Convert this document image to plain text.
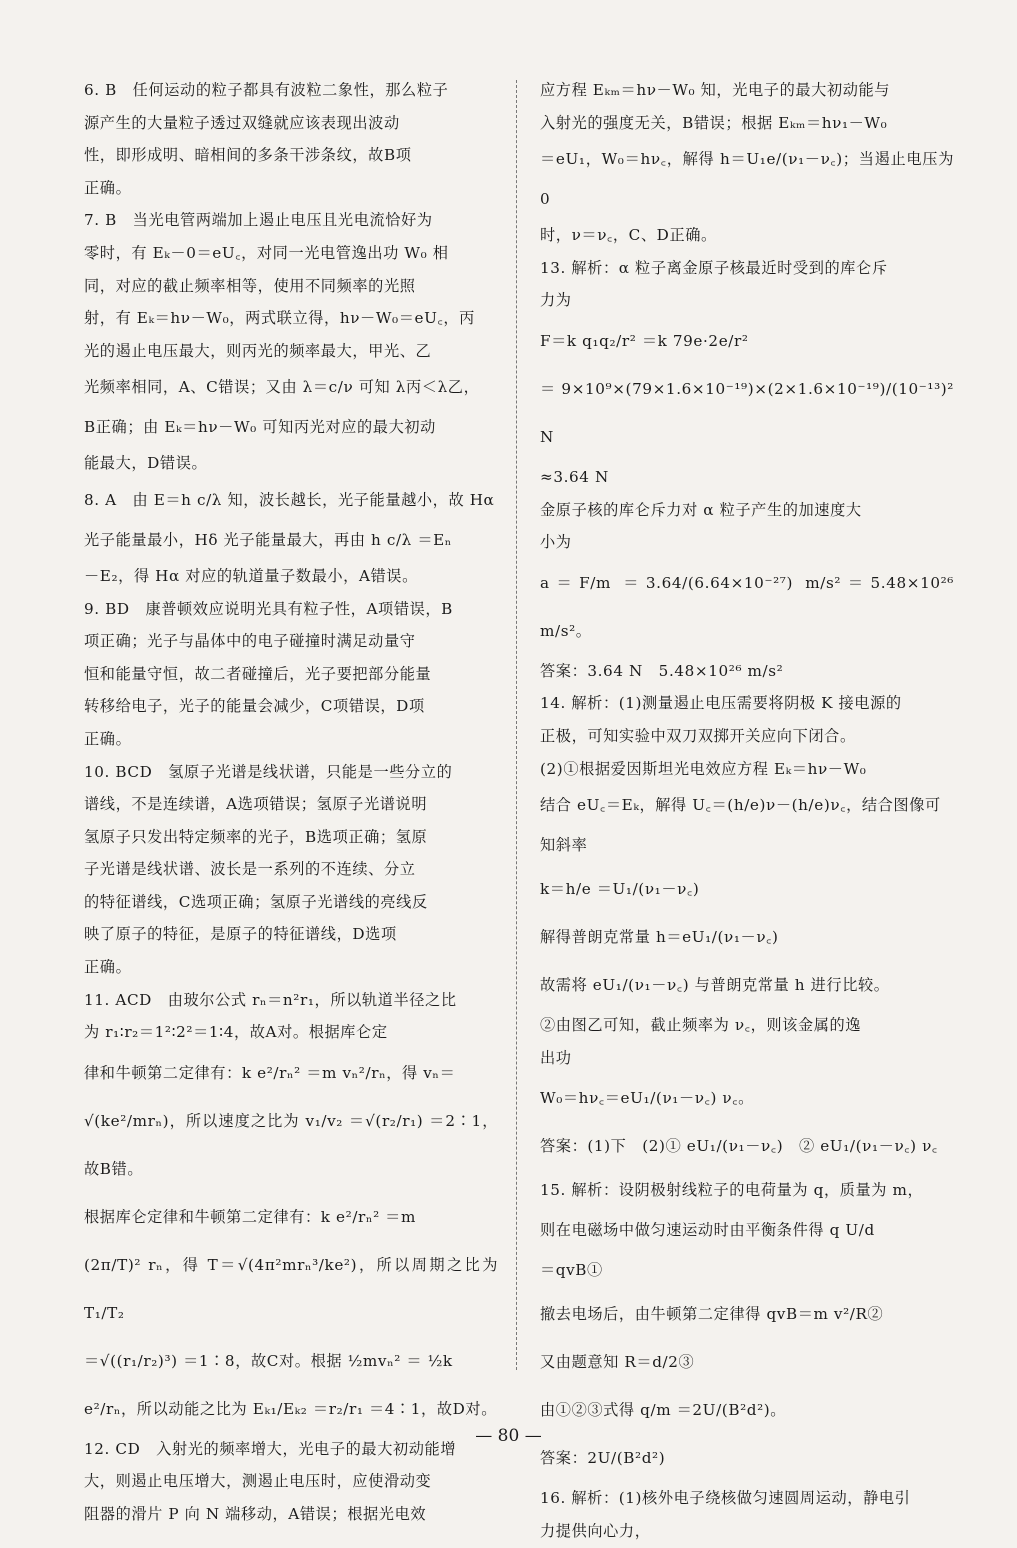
6. B　任何运动的粒子都具有波粒二象性，那么粒子

源产生的大量粒子透过双缝就应该表现出波动

性，即形成明、暗相间的多条干涉条纹，故B项

正确。

7. B　当光电管两端加上遏止电压且光电流恰好为

零时，有 Eₖ－0＝eU꜀，对同一光电管逸出功 W₀ 相

同，对应的截止频率相等，使用不同频率的光照

射，有 Eₖ＝hν－W₀，两式联立得，hν－W₀＝eU꜀，丙

光的遏止电压最大，则丙光的频率最大，甲光、乙

光频率相同，A、C错误；又由 λ＝c/ν 可知 λ丙＜λ乙，

B正确；由 Eₖ＝hν－W₀ 可知丙光对应的最大初动

能最大，D错误。

8. A　由 E＝h c/λ 知，波长越长，光子能量越小，故 Hα

光子能量最小，Hδ 光子能量最大，再由 h c/λ ＝Eₙ

－E₂，得 Hα 对应的轨道量子数最小，A错误。

9. BD　康普顿效应说明光具有粒子性，A项错误，B

项正确；光子与晶体中的电子碰撞时满足动量守

恒和能量守恒，故二者碰撞后，光子要把部分能量

转移给电子，光子的能量会减少，C项错误，D项

正确。

10. BCD　氢原子光谱是线状谱，只能是一些分立的

谱线，不是连续谱，A选项错误；氢原子光谱说明

氢原子只发出特定频率的光子，B选项正确；氢原

子光谱是线状谱、波长是一系列的不连续、分立

的特征谱线，C选项正确；氢原子光谱线的亮线反

映了原子的特征，是原子的特征谱线，D选项

正确。

11. ACD　由玻尔公式 rₙ＝n²r₁，所以轨道半径之比

为 r₁∶r₂＝1²∶2²＝1∶4，故A对。根据库仑定

律和牛顿第二定律有：k e²/rₙ² ＝m vₙ²/rₙ，得 vₙ＝

√(ke²/mrₙ)，所以速度之比为 v₁/v₂ ＝√(r₂/r₁) ＝2∶1，故B错。

根据库仑定律和牛顿第二定律有：k e²/rₙ² ＝m

(2π/T)² rₙ，得 T＝√(4π²mrₙ³/ke²)，所以周期之比为 T₁/T₂

＝√((r₁/r₂)³) ＝1∶8，故C对。根据 ½mvₙ² ＝ ½k

e²/rₙ，所以动能之比为 Eₖ₁/Eₖ₂ ＝r₂/r₁ ＝4∶1，故D对。

12. CD　入射光的频率增大，光电子的最大初动能增

大，则遏止电压增大，测遏止电压时，应使滑动变

阻器的滑片 P 向 N 端移动，A错误；根据光电效

应方程 Eₖₘ＝hν－W₀ 知，光电子的最大初动能与

入射光的强度无关，B错误；根据 Eₖₘ＝hν₁－W₀

＝eU₁，W₀＝hν꜀，解得 h＝U₁e/(ν₁－ν꜀)；当遏止电压为0

时，ν＝ν꜀，C、D正确。

13. 解析：α 粒子离金原子核最近时受到的库仑斥

力为

F＝k q₁q₂/r² ＝k 79e·2e/r²

＝9×10⁹×(79×1.6×10⁻¹⁹)×(2×1.6×10⁻¹⁹)/(10⁻¹³)² N

≈3.64 N

金原子核的库仑斥力对 α 粒子产生的加速度大

小为

a＝F/m ＝3.64/(6.64×10⁻²⁷) m/s²＝5.48×10²⁶ m/s²。

答案：3.64 N　5.48×10²⁶ m/s²

14. 解析：(1)测量遏止电压需要将阴极 K 接电源的

正极，可知实验中双刀双掷开关应向下闭合。

(2)①根据爱因斯坦光电效应方程 Eₖ＝hν－W₀

结合 eU꜀＝Eₖ，解得 U꜀＝(h/e)ν－(h/e)ν꜀，结合图像可

知斜率

k＝h/e ＝U₁/(ν₁－ν꜀)

解得普朗克常量 h＝eU₁/(ν₁－ν꜀)

故需将 eU₁/(ν₁－ν꜀) 与普朗克常量 h 进行比较。

②由图乙可知，截止频率为 ν꜀，则该金属的逸

出功

W₀＝hν꜀＝eU₁/(ν₁－ν꜀) ν꜀。

答案：(1)下　(2)① eU₁/(ν₁－ν꜀)　② eU₁/(ν₁－ν꜀) ν꜀

15. 解析：设阴极射线粒子的电荷量为 q，质量为 m，

则在电磁场中做匀速运动时由平衡条件得 q U/d

＝qvB①

撤去电场后，由牛顿第二定律得 qvB＝m v²/R②

又由题意知 R＝d/2③

由①②③式得 q/m ＝2U/(B²d²)。

答案：2U/(B²d²)

16. 解析：(1)核外电子绕核做匀速圆周运动，静电引

力提供向心力，

— 80 —
